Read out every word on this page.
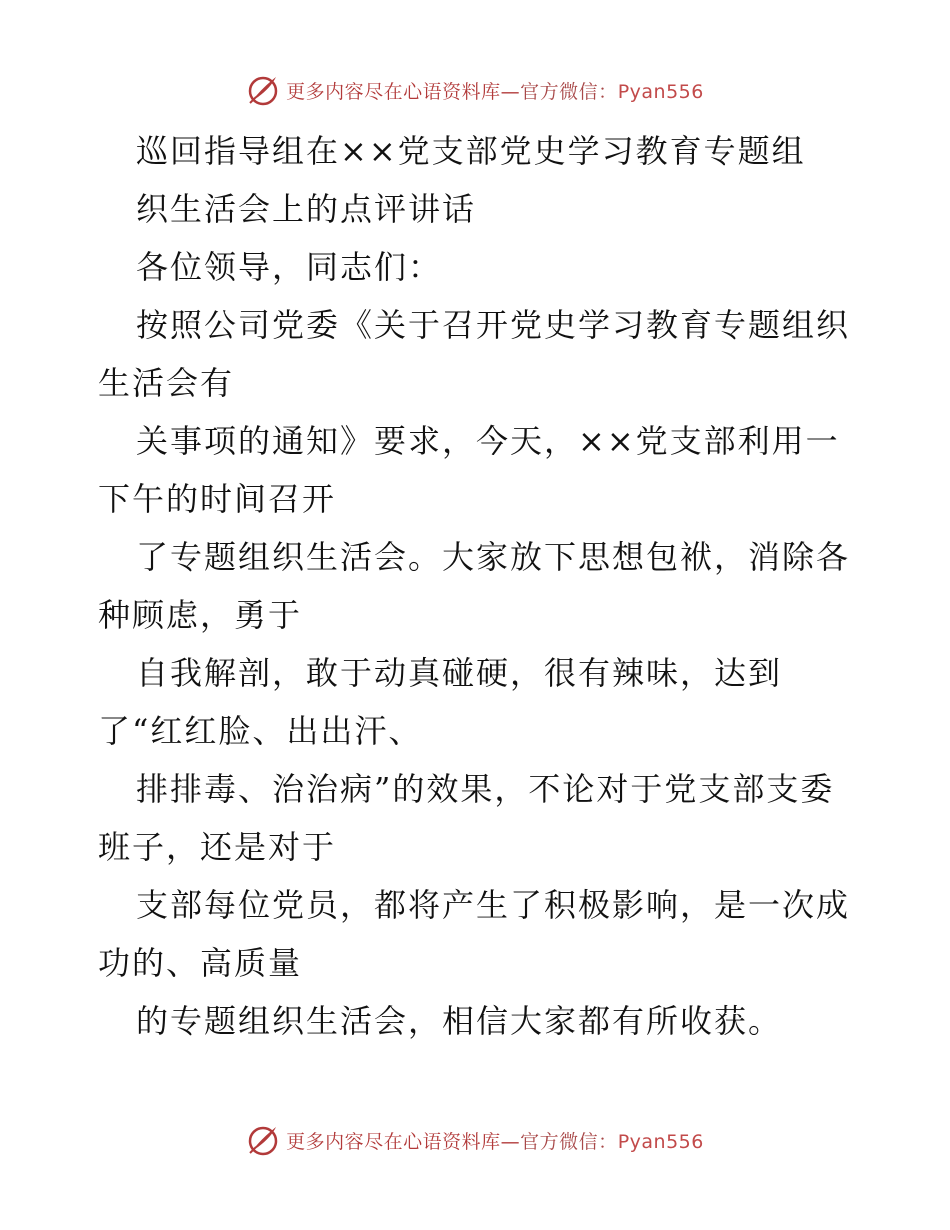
更多内容尽在心语资料库—官方微信：Pyan556
巡回指导组在××党支部党史学习教育专题组
织生活会上的点评讲话
各位领导，同志们：
按照公司党委《关于召开党史学习教育专题组织
生活会有
关事项的通知》要求，今天，××党支部利用一
下午的时间召开
了专题组织生活会。大家放下思想包袱，消除各
种顾虑，勇于
自我解剖，敢于动真碰硬，很有辣味，达到
了“红红脸、出出汗、
排排毒、治治病”的效果，不论对于党支部支委
班子，还是对于
支部每位党员，都将产生了积极影响，是一次成
功的、高质量
的专题组织生活会，相信大家都有所收获。
更多内容尽在心语资料库—官方微信：Pyan556
